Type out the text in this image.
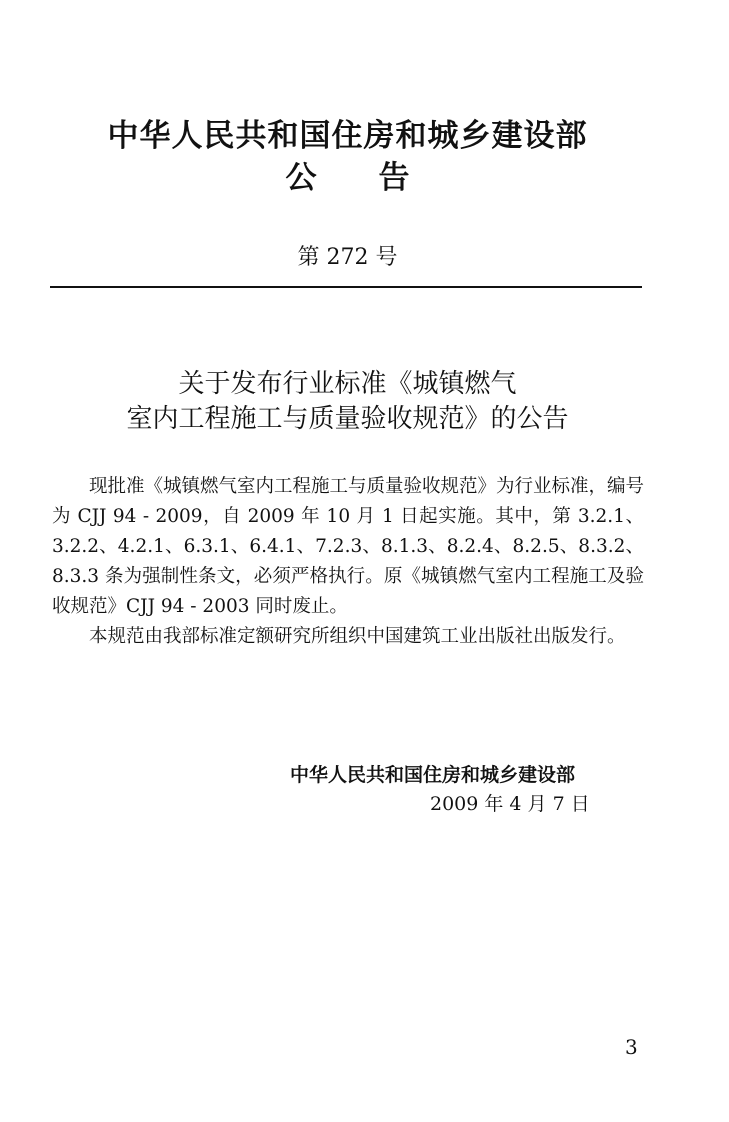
中华人民共和国住房和城乡建设部
公　　告
第 272 号
关于发布行业标准《城镇燃气
室内工程施工与质量验收规范》的公告

现批准《城镇燃气室内工程施工与质量验收规范》为行业标准，编号为 CJJ 94 - 2009，自 2009 年 10 月 1 日起实施。其中，第 3.2.1、3.2.2、4.2.1、6.3.1、6.4.1、7.2.3、8.1.3、8.2.4、8.2.5、8.3.2、8.3.3 条为强制性条文，必须严格执行。原《城镇燃气室内工程施工及验收规范》CJJ 94 - 2003 同时废止。

本规范由我部标准定额研究所组织中国建筑工业出版社出版发行。

中华人民共和国住房和城乡建设部
2009 年 4 月 7 日
3
